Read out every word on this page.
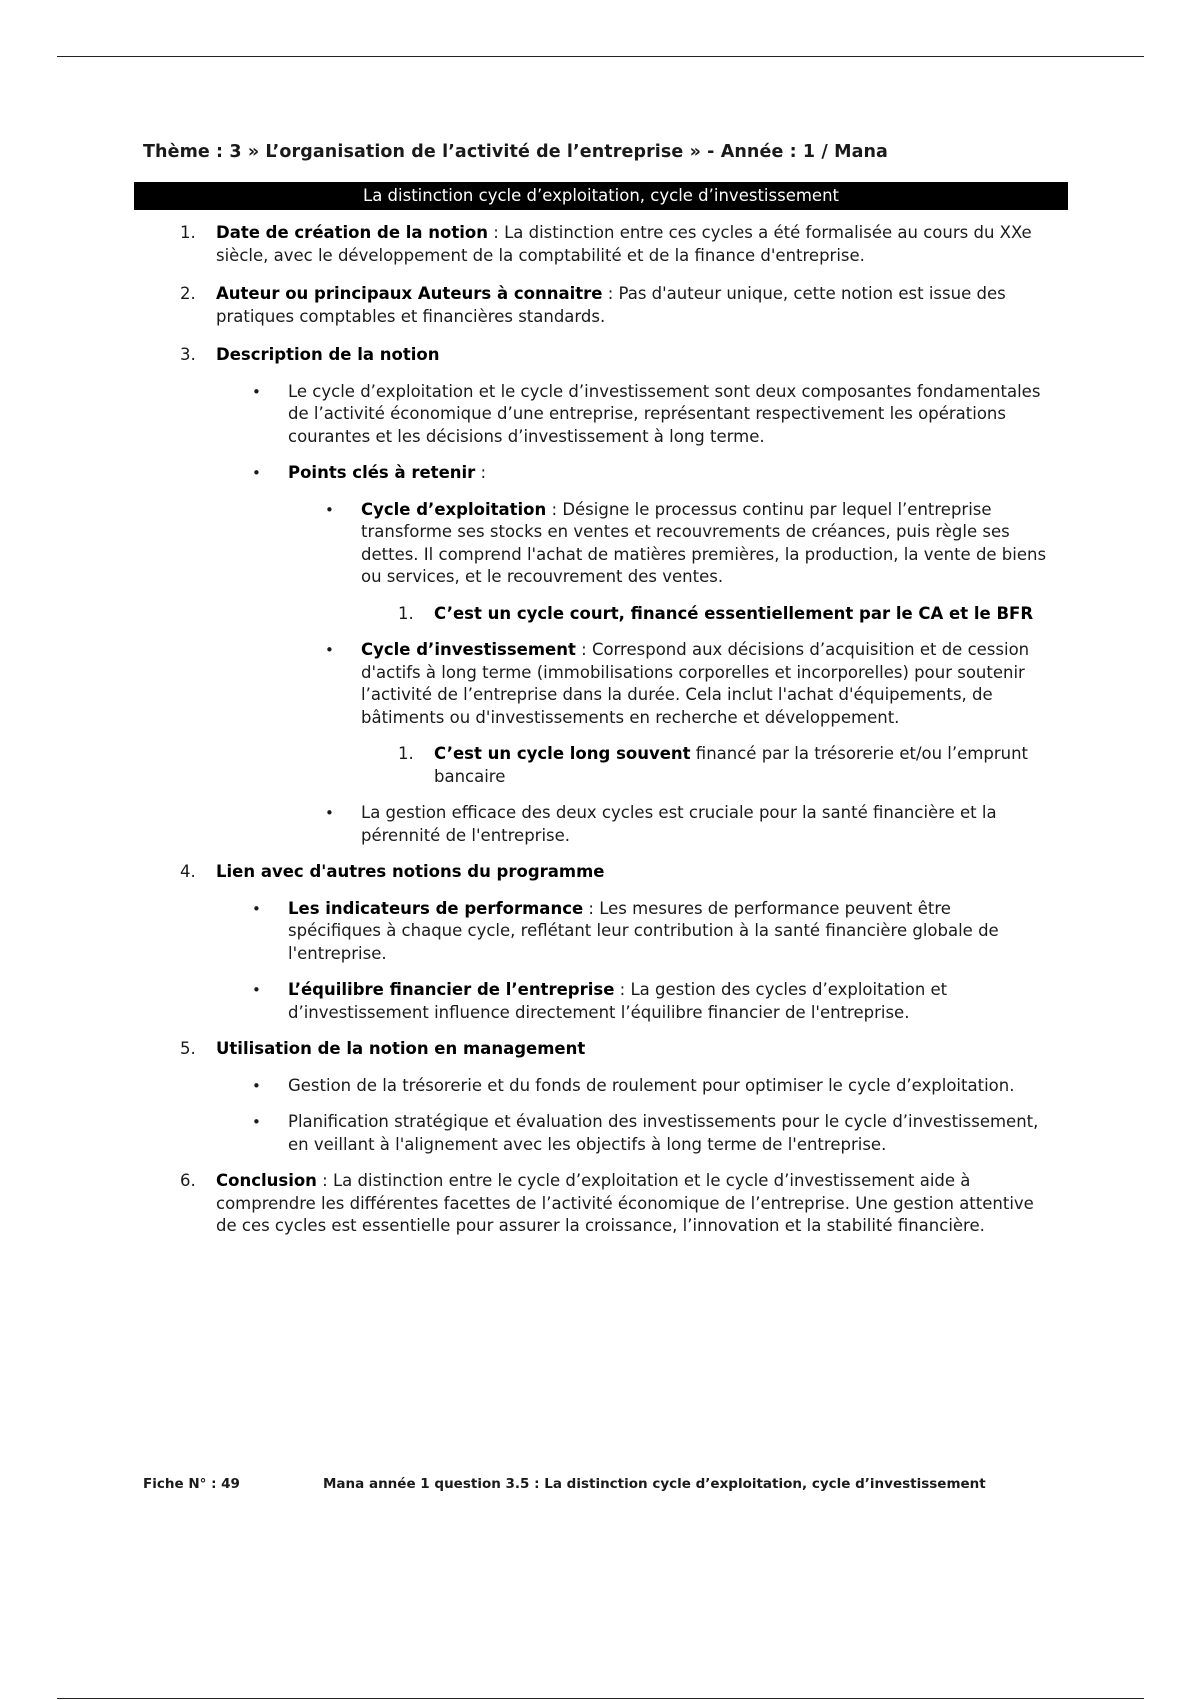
Thème : 3 » L’organisation de l’activité de l’entreprise » - Année : 1 / Mana
La distinction cycle d’exploitation, cycle d’investissement
1. Date de création de la notion : La distinction entre ces cycles a été formalisée au cours du XXe siècle, avec le développement de la comptabilité et de la finance d'entreprise.
2. Auteur ou principaux Auteurs à connaitre : Pas d'auteur unique, cette notion est issue des pratiques comptables et financières standards.
3. Description de la notion
• Le cycle d’exploitation et le cycle d’investissement sont deux composantes fondamentales de l’activité économique d’une entreprise, représentant respectivement les opérations courantes et les décisions d’investissement à long terme.
• Points clés à retenir :
• Cycle d’exploitation : Désigne le processus continu par lequel l’entreprise transforme ses stocks en ventes et recouvrements de créances, puis règle ses dettes. Il comprend l'achat de matières premières, la production, la vente de biens ou services, et le recouvrement des ventes.
1. C’est un cycle court, financé essentiellement par le CA et le BFR
• Cycle d’investissement : Correspond aux décisions d’acquisition et de cession d'actifs à long terme (immobilisations corporelles et incorporelles) pour soutenir l’activité de l’entreprise dans la durée. Cela inclut l'achat d'équipements, de bâtiments ou d'investissements en recherche et développement.
1. C’est un cycle long souvent financé par la trésorerie et/ou l’emprunt bancaire
• La gestion efficace des deux cycles est cruciale pour la santé financière et la pérennité de l'entreprise.
4. Lien avec d'autres notions du programme
• Les indicateurs de performance : Les mesures de performance peuvent être spécifiques à chaque cycle, reflétant leur contribution à la santé financière globale de l'entreprise.
• L’équilibre financier de l’entreprise : La gestion des cycles d’exploitation et d’investissement influence directement l’équilibre financier de l'entreprise.
5. Utilisation de la notion en management
• Gestion de la trésorerie et du fonds de roulement pour optimiser le cycle d’exploitation.
• Planification stratégique et évaluation des investissements pour le cycle d’investissement, en veillant à l'alignement avec les objectifs à long terme de l'entreprise.
6. Conclusion : La distinction entre le cycle d’exploitation et le cycle d’investissement aide à comprendre les différentes facettes de l’activité économique de l’entreprise. Une gestion attentive de ces cycles est essentielle pour assurer la croissance, l’innovation et la stabilité financière.
Fiche N° : 49	Mana année 1 question 3.5 : La distinction cycle d’exploitation, cycle d’investissement
